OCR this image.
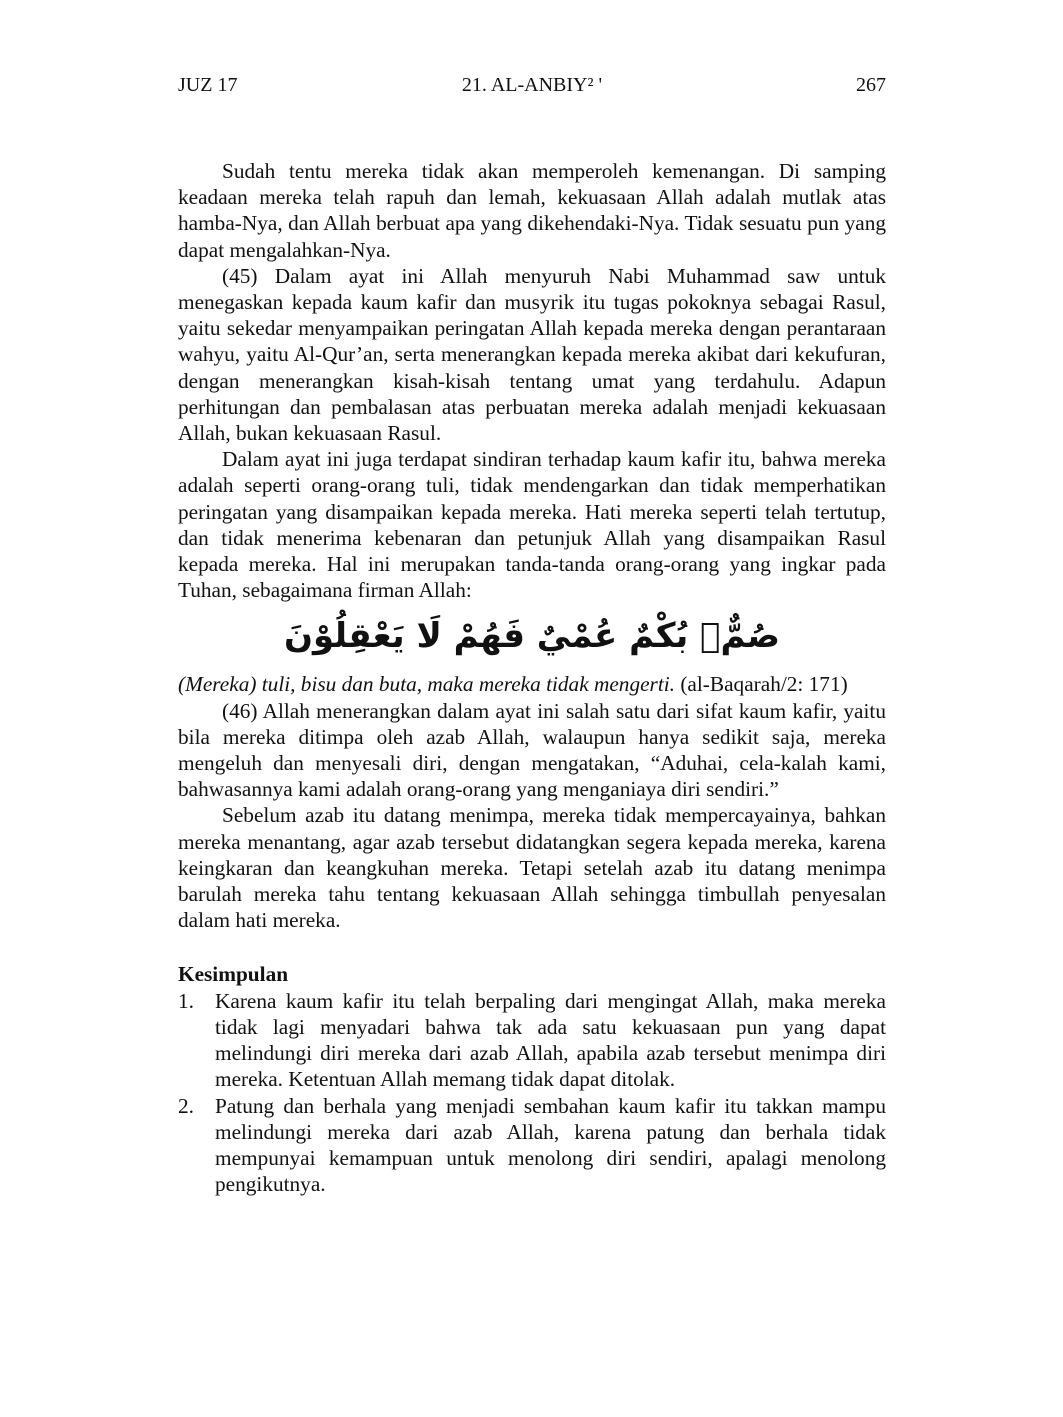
JUZ 17	21. AL-ANBIY² '	267

Sudah tentu mereka tidak akan memperoleh kemenangan. Di samping keadaan mereka telah rapuh dan lemah, kekuasaan Allah adalah mutlak atas hamba-Nya, dan Allah berbuat apa yang dikehendaki-Nya. Tidak sesuatu pun yang dapat mengalahkan-Nya.

(45) Dalam ayat ini Allah menyuruh Nabi Muhammad saw untuk menegaskan kepada kaum kafir dan musyrik itu tugas pokoknya sebagai Rasul, yaitu sekedar menyampaikan peringatan Allah kepada mereka dengan perantaraan wahyu, yaitu Al-Qur’an, serta menerangkan kepada mereka akibat dari kekufuran, dengan menerangkan kisah-kisah tentang umat yang terdahulu. Adapun perhitungan dan pembalasan atas perbuatan mereka adalah menjadi kekuasaan Allah, bukan kekuasaan Rasul.

Dalam ayat ini juga terdapat sindiran terhadap kaum kafir itu, bahwa mereka adalah seperti orang-orang tuli, tidak mendengarkan dan tidak memperhatikan peringatan yang disampaikan kepada mereka. Hati mereka seperti telah tertutup, dan tidak menerima kebenaran dan petunjuk Allah yang disampaikan Rasul kepada mereka. Hal ini merupakan tanda-tanda orang-orang yang ingkar pada Tuhan, sebagaimana firman Allah:

صُمٌّۢ بُكْمٌ عُمْيٌ فَهُمْ لَا يَعْقِلُوْنَ

(Mereka) tuli, bisu dan buta, maka mereka tidak mengerti. (al-Baqarah/2: 171)

(46) Allah menerangkan dalam ayat ini salah satu dari sifat kaum kafir, yaitu bila mereka ditimpa oleh azab Allah, walaupun hanya sedikit saja, mereka mengeluh dan menyesali diri, dengan mengatakan, “Aduhai, cela-kalah kami, bahwasannya kami adalah orang-orang yang menganiaya diri sendiri.”

Sebelum azab itu datang menimpa, mereka tidak mempercayainya, bahkan mereka menantang, agar azab tersebut didatangkan segera kepada mereka, karena keingkaran dan keangkuhan mereka. Tetapi setelah azab itu datang menimpa barulah mereka tahu tentang kekuasaan Allah sehingga timbullah penyesalan dalam hati mereka.

Kesimpulan

1. Karena kaum kafir itu telah berpaling dari mengingat Allah, maka mereka tidak lagi menyadari bahwa tak ada satu kekuasaan pun yang dapat melindungi diri mereka dari azab Allah, apabila azab tersebut menimpa diri mereka. Ketentuan Allah memang tidak dapat ditolak.
2. Patung dan berhala yang menjadi sembahan kaum kafir itu takkan mampu melindungi mereka dari azab Allah, karena patung dan berhala tidak mempunyai kemampuan untuk menolong diri sendiri, apalagi menolong pengikutnya.
